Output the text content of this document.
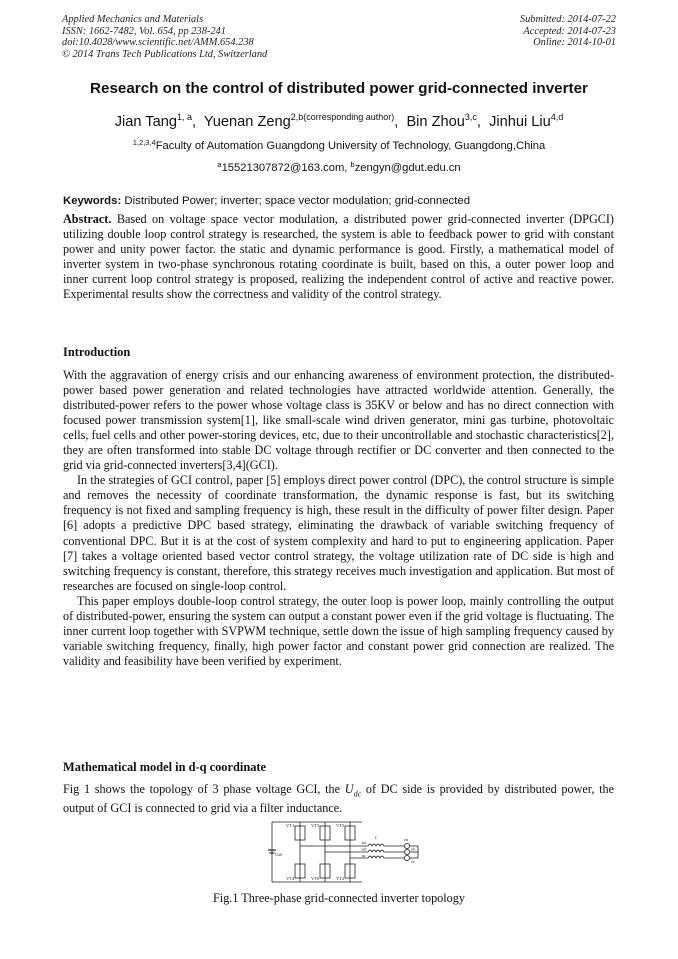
Applied Mechanics and Materials
ISSN: 1662-7482, Vol. 654, pp 238-241
doi:10.4028/www.scientific.net/AMM.654.238
© 2014 Trans Tech Publications Ltd, Switzerland
Submitted: 2014-07-22
Accepted: 2014-07-23
Online: 2014-10-01
Research on the control of distributed power grid-connected inverter
Jian Tang$^{1, a}$,  Yuenan Zeng$^{2,b(corresponding author)}$,  Bin Zhou$^{3,c}$,  Jinhui Liu$^{4,d}$
$^{1,2,3,4}$Faculty of Automation Guangdong University of Technology, Guangdong,China
$^a$15521307872@163.com, $^b$zengyn@gdut.edu.cn
Keywords: Distributed Power; inverter; space vector modulation; grid-connected
Abstract. Based on voltage space vector modulation, a distributed power grid-connected inverter (DPGCI) utilizing double loop control strategy is researched, the system is able to feedback power to grid with constant power and unity power factor. the static and dynamic performance is good. Firstly, a mathematical model of inverter system in two-phase synchronous rotating coordinate is built, based on this, a outer power loop and inner current loop control strategy is proposed, realizing the independent control of active and reactive power. Experimental results show the correctness and validity of the control strategy.
Introduction

With the aggravation of energy crisis and our enhancing awareness of environment protection, the distributed-power based power generation and related technologies have attracted worldwide attention. Generally, the distributed-power refers to the power whose voltage class is 35KV or below and has no direct connection with focused power transmission system[1], like small-scale wind driven generator, mini gas turbine, photovoltaic cells, fuel cells and other power-storing devices, etc, due to their uncontrollable and stochastic characteristics[2], they are often transformed into stable DC voltage through rectifier or DC converter and then connected to the grid via grid-connected inverters[3,4](GCI).

In the strategies of GCI control, paper [5] employs direct power control (DPC), the control structure is simple and removes the necessity of coordinate transformation, the dynamic response is fast, but its switching frequency is not fixed and sampling frequency is high, these result in the difficulty of power filter design. Paper [6] adopts a predictive DPC based strategy, eliminating the drawback of variable switching frequency of conventional DPC. But it is at the cost of system complexity and hard to put to engineering application. Paper [7] takes a voltage oriented based vector control strategy, the voltage utilization rate of DC side is high and switching frequency is constant, therefore, this strategy receives much investigation and application. But most of researches are focused on single-loop control.

This paper employs double-loop control strategy, the outer loop is power loop, mainly controlling the output of distributed-power, ensuring the system can output a constant power even if the grid voltage is fluctuating. The inner current loop together with SVPWM technique, settle down the issue of high sampling frequency caused by variable switching frequency, finally, high power factor and constant power grid connection are realized. The validity and feasibility have been verified by experiment.

Mathematical model in d-q coordinate
Fig 1 shows the topology of 3 phase voltage GCI, the $U_{dc}$ of DC side is provided by distributed power, the output of GCI is connected to grid via a filter inductance.
VT1	VT3	VT5
VT4	VT6	VT2
Udc
ua
ub
uc
L	ea
eb
ec
Fig.1 Three-phase grid-connected inverter topology
